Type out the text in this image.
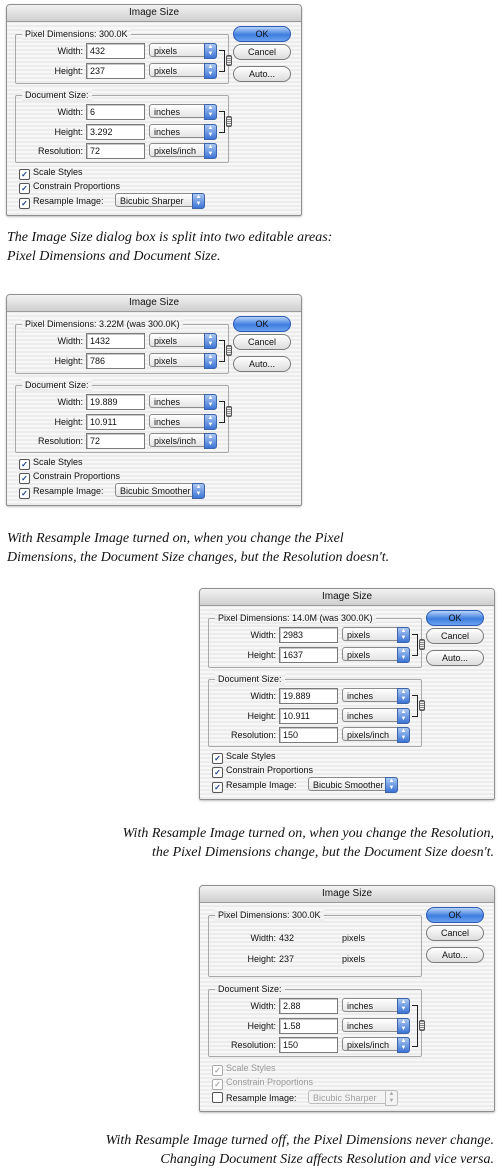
Image Size
Pixel Dimensions: 300.0K
Width: 432	pixels	▲
▼
Height: 237	pixels	▲
▼
Document Size:
Width: 6	inches	▲
▼
Height: 3.292	inches	▲
▼
Resolution: 72	pixels/inch	▲
▼
✓ Scale Styles
✓ Constrain Proportions
✓ Resample Image:	Bicubic Sharper	▲
▼
OK
Cancel
Auto...
The Image Size dialog box is split into two editable areas:
Pixel Dimensions and Document Size.
Image Size
Pixel Dimensions: 3.22M (was 300.0K)
Width: 1432	pixels	▲
▼
Height: 786	pixels	▲
▼
Document Size:
Width: 19.889	inches	▲
▼
Height: 10.911	inches	▲
▼
Resolution: 72	pixels/inch	▲
▼
✓ Scale Styles
✓ Constrain Proportions
✓ Resample Image:	Bicubic Smoother ▲
▼
OK
Cancel
Auto...
With Resample Image turned on, when you change the Pixel
Dimensions, the Document Size changes, but the Resolution doesn't.
Image Size
Pixel Dimensions: 14.0M (was 300.0K)
Width: 2983	pixels	▲
▼
Height: 1637	pixels	▲
▼
Document Size:
Width: 19.889	inches	▲
▼
Height: 10.911	inches	▲
▼
Resolution: 150	pixels/inch	▲
▼
✓ Scale Styles
✓ Constrain Proportions
✓ Resample Image:	Bicubic Smoother ▲
▼
OK
Cancel
Auto...
With Resample Image turned on, when you change the Resolution,
the Pixel Dimensions change, but the Document Size doesn't.
Image Size
Pixel Dimensions: 300.0K
Width: 432	pixels
Height: 237	pixels
Document Size:
Width: 2.88	inches	▲
▼
Height: 1.58	inches	▲
▼
Resolution: 150	pixels/inch	▲
▼
✓ Scale Styles
✓ Constrain Proportions
Resample Image:	Bicubic Sharper	▲
▼
OK
Cancel
Auto...
With Resample Image turned off, the Pixel Dimensions never change.
Changing Document Size affects Resolution and vice versa.
